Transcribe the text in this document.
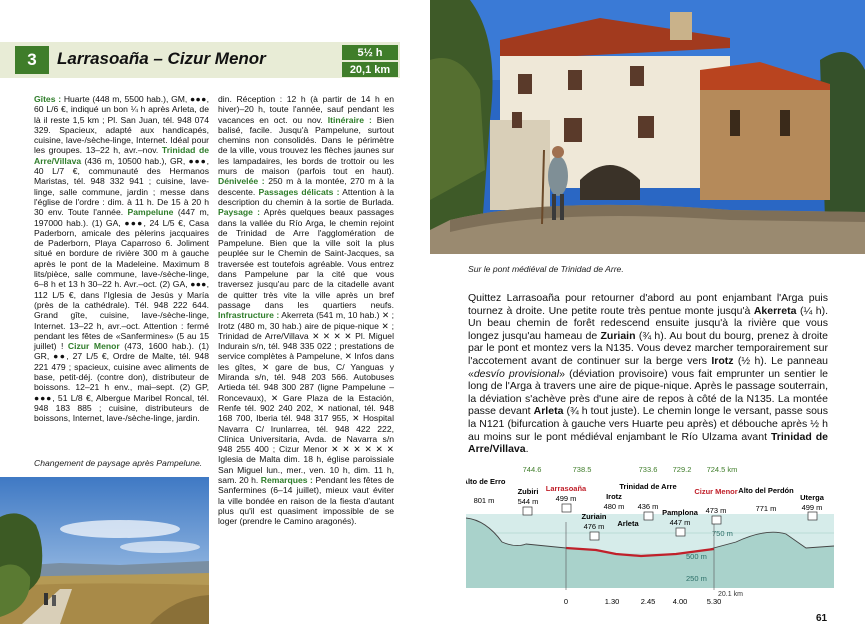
3	Larrasoaña – Cizur Menor	5½ h
20,1 km

Gîtes : Huarte (448 m, 5500 hab.), GM, ●●●, 60 L/6 €, indiqué un bon ¼ h après Arleta, de là il reste 1,5 km ; Pl. San Juan, tél. 948 074 329. Spacieux, adapté aux handicapés, cuisine, lave-/sèche-linge, Internet. Idéal pour les groupes. 13–22 h, avr.–nov. Trinidad de Arre/Villava (436 m, 10500 hab.), GR, ●●●, 40 L/7 €, communauté des Hermanos Maristas, tél. 948 332 941 ; cuisine, lave-linge, salle commune, jardin ; messe dans l'église de l'ordre : dim. à 11 h. De 15 à 20 h 30 env. Toute l'année. Pampelune (447 m, 197000 hab.). (1) GA, ●●●, 24 L/5 €, Casa Paderborn, amicale des pèlerins jacquaires de Paderborn, Playa Caparroso 6. Joliment situé en bordure de rivière 300 m à gauche après le pont de la Madeleine. Maximum 8 lits/pièce, salle commune, lave-/sèche-linge, 6–8 h et 13 h 30–22 h. Avr.–oct. (2) GA, ●●●, 112 L/5 €, dans l'Iglesia de Jesús y María (près de la cathédrale). Tél. 948 222 644. Grand gîte, cuisine, lave-/sèche-linge, Internet. 13–22 h, avr.–oct. Attention : fermé pendant les fêtes de «Sanfermines» (5 au 15 juillet) ! Cizur Menor (473, 1600 hab.). (1) GR, ●●, 27 L/5 €, Ordre de Malte, tél. 948 221 479 ; spacieux, cuisine avec aliments de base, petit-déj. (contre don), distributeur de boissons. 12–21 h env., mai–sept. (2) GP, ●●●, 51 L/8 €, Albergue Maribel Roncal, tél. 948 183 885 ; cuisine, distributeurs de boissons, Internet, lave-/sèche-linge, jardin.

din. Réception : 12 h (à partir de 14 h en hiver)–20 h, toute l'année, sauf pendant les vacances en oct. ou nov. Itinéraire : Bien balisé, facile. Jusqu'à Pampelune, surtout chemins non consolidés. Dans le périmètre de la ville, vous trouvez les flèches jaunes sur les lampadaires, les bords de trottoir ou les murs de maison (parfois tout en haut). Dénivelée : 250 m à la montée, 270 m à la descente. Passages délicats : Attention à la description du chemin à la sortie de Burlada. Paysage : Après quelques beaux passages dans la vallée du Río Arga, le chemin rejoint de Trinidad de Arre l'agglomération de Pampelune. Bien que la ville soit la plus peuplée sur le Chemin de Saint-Jacques, sa traversée est toutefois agréable. Vous entrez dans Pampelune par la cité que vous traversez jusqu'au parc de la citadelle avant de quitter très vite la ville après un bref passage dans les quartiers neufs. Infrastructure : Akerreta (541 m, 10 hab.) ✕ ; Irotz (480 m, 30 hab.) aire de pique-nique ✕ ; Trinidad de Arre/Villava ✕ ✕ ✕ ✕ Pl. Miguel Indurain s/n, tél. 948 335 022 ; prestations de service complètes à Pampelune, ✕ Infos dans les gîtes, ✕ gare de bus, C/ Yanguas y Miranda s/n, tél. 948 203 566. Autobuses Artieda tél. 948 300 287 (ligne Pampelune – Roncevaux), ✕ Gare Plaza de la Estación, Renfe tél. 902 240 202, ✕ national, tél. 948 168 700, Iberia tél. 948 317 955, ✕ Hospital Navarra C/ Irunlarrea, tél. 948 422 222, Clínica Universitaria, Avda. de Navarra s/n 948 255 400 ; Cizur Menor ✕ ✕ ✕ ✕ ✕ ✕ Iglesia de Malta dim. 18 h, église paroissiale San Miguel lun., mer., ven. 10 h, dim. 11 h, sam. 20 h. Remarques : Pendant les fêtes de Sanfermines (6–14 juillet), mieux vaut éviter la ville bondée en raison de la fiesta d'autant plus qu'il est quasiment impossible de se loger (prendre le Camino aragonés).

Changement de paysage après Pampelune.
Sur le pont médiéval de Trinidad de Arre.

Quittez Larrasoaña pour retourner d'abord au pont enjambant l'Arga puis tournez à droite. Une petite route très pentue monte jusqu'à Akerreta (¼ h). Un beau chemin de forêt redescend ensuite jusqu'à la rivière que vous longez jusqu'au hameau de Zuriain (¾ h). Au bout du bourg, prenez à droite par le pont et montez vers la N135. Vous devez marcher temporairement sur l'accotement avant de continuer sur la berge vers Irotz (½ h). Le panneau «desvío provisional» (déviation provisoire) vous fait emprunter un sentier le long de l'Arga à travers une aire de pique-nique. Après le passage souterrain, la déviation s'achève près d'une aire de repos à côté de la N135. La montée passe devant Arleta (¾ h tout juste). Le chemin longe le versant, passe sous la N121 (bifurcation à gauche vers Huarte peu après) et débouche après ½ h au moins sur le pont médiéval enjambant le Río Ulzama avant Trinidad de Arre/Villava.

744.6	738.5	733.6 729.2 724.5 km
750 m
500 m
250 m
20.1 km
Alto de Erro
801 m
Zubiri
544 m
Larrasoaña
499 m
Zuriain
476 m
Irotz
480 m
Arleta
Trinidad de Arre
436 m
Pamplona
447 m
Cizur Menor
473 m
Alto del Perdón
771 m
Uterga
499 m
0	1.30	2.45 4.00	5.30
61
